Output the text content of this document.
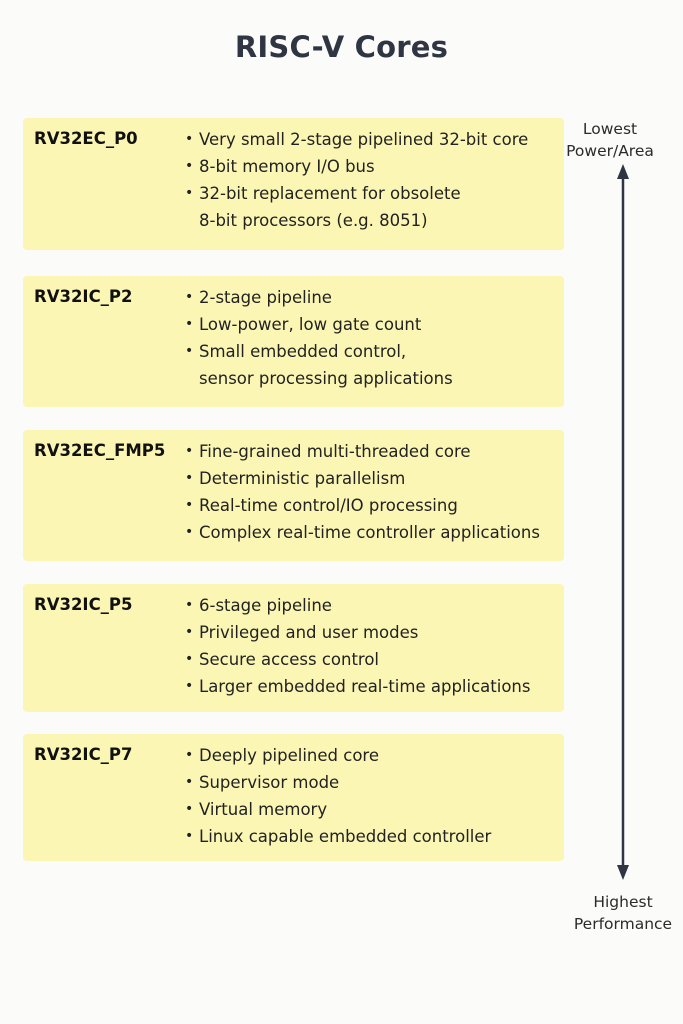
RISC-V Cores
RV32EC_P0	• Very small 2-stage pipelined 32-bit core
• 8-bit memory I/O bus
• 32-bit replacement for obsolete
8-bit processors (e.g. 8051)
RV32IC_P2	• 2-stage pipeline
• Low-power, low gate count
• Small embedded control,
sensor processing applications
RV32EC_FMP5 • Fine-grained multi-threaded core
• Deterministic parallelism
• Real-time control/IO processing
• Complex real-time controller applications
RV32IC_P5	• 6-stage pipeline
• Privileged and user modes
• Secure access control
• Larger embedded real-time applications
RV32IC_P7	• Deeply pipelined core
• Supervisor mode
• Virtual memory
• Linux capable embedded controller
Lowest
Power/Area
Highest
Performance
